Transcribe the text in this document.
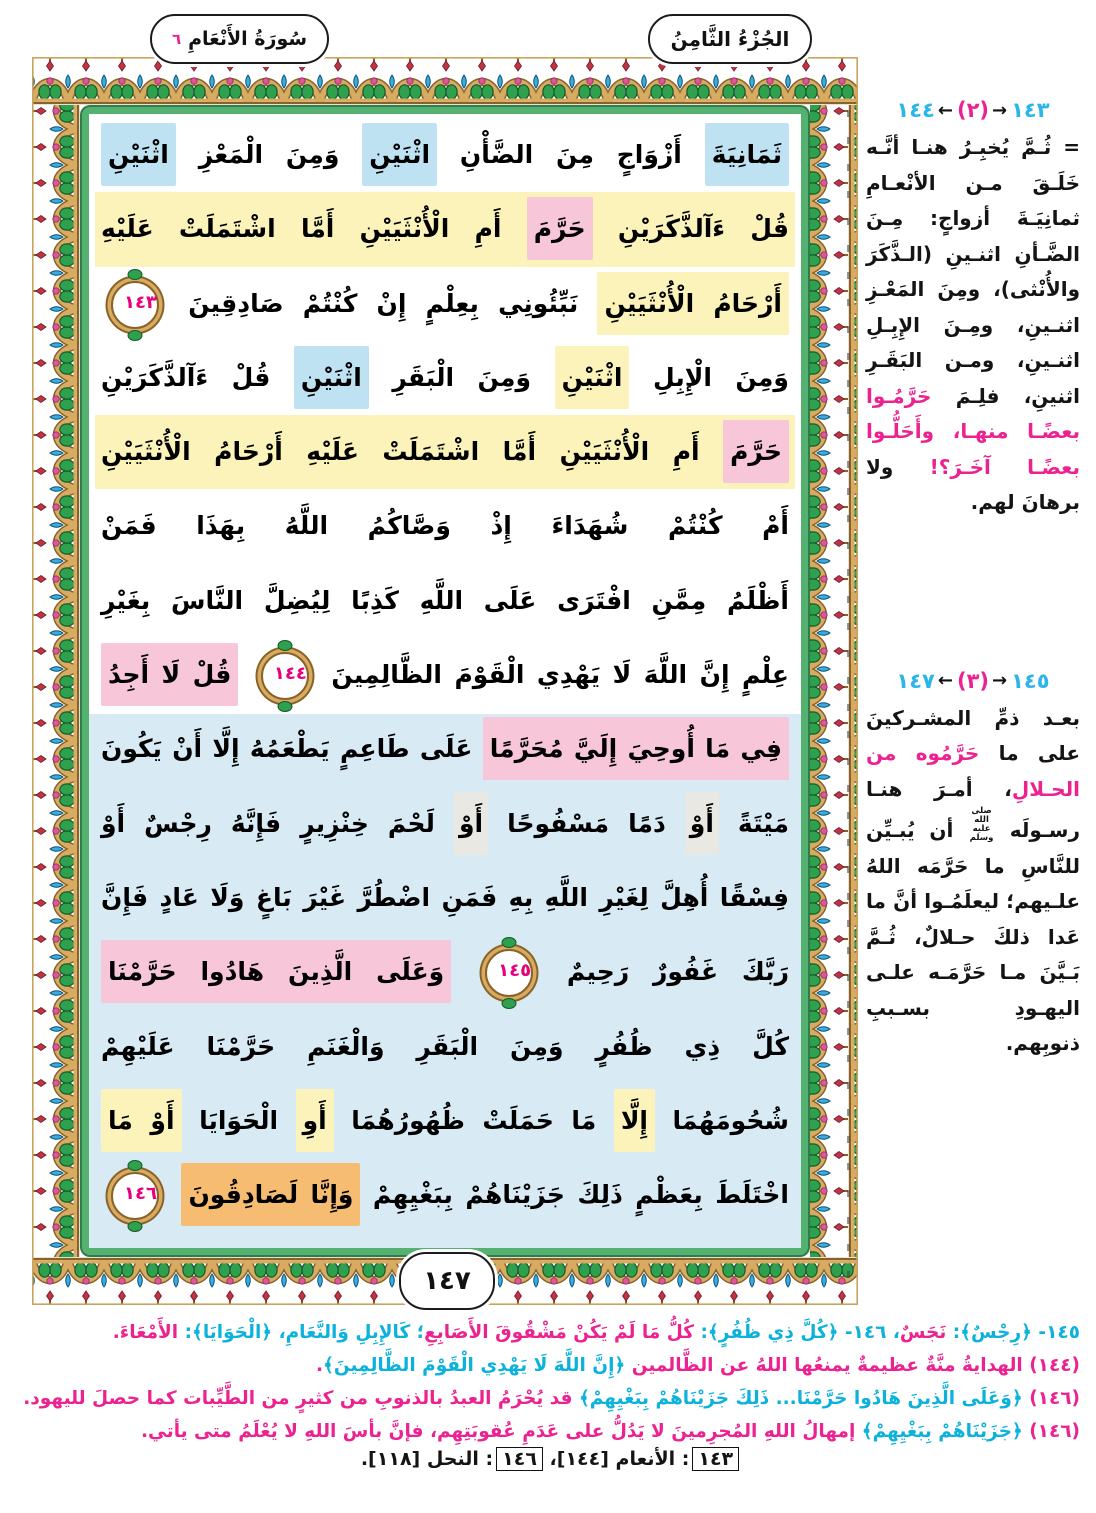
ثَمَانِيَةَ أَزْوَاجٍ مِنَ الضَّأْنِ اثْنَيْنِ وَمِنَ الْمَعْزِ اثْنَيْنِ
قُلْ ءَآلذَّكَرَيْنِ حَرَّمَ أَمِ الْأُنْثَيَيْنِ أَمَّا اشْتَمَلَتْ عَلَيْهِ
أَرْحَامُ الْأُنْثَيَيْنِ نَبِّئُونِي بِعِلْمٍ إِنْ كُنْتُمْ صَادِقِينَ
١٤٣
وَمِنَ الْإِبِلِ اثْنَيْنِ وَمِنَ الْبَقَرِ اثْنَيْنِ قُلْ ءَآلذَّكَرَيْنِ
حَرَّمَ أَمِ الْأُنْثَيَيْنِ أَمَّا اشْتَمَلَتْ عَلَيْهِ أَرْحَامُ الْأُنْثَيَيْنِ
أَمْ كُنْتُمْ شُهَدَاءَ إِذْ وَصَّاكُمُ اللَّهُ بِهَذَا فَمَنْ
أَظْلَمُ مِمَّنِ افْتَرَى عَلَى اللَّهِ كَذِبًا لِيُضِلَّ النَّاسَ بِغَيْرِ
عِلْمٍ إِنَّ اللَّهَ لَا يَهْدِي الْقَوْمَ الظَّالِمِينَ
١٤٤
قُلْ لَا أَجِدُ
فِي مَا أُوحِيَ إِلَيَّ مُحَرَّمًا عَلَى طَاعِمٍ يَطْعَمُهُ إِلَّا أَنْ يَكُونَ
مَيْتَةً أَوْ دَمًا مَسْفُوحًا أَوْ لَحْمَ خِنْزِيرٍ فَإِنَّهُ رِجْسٌ أَوْ
فِسْقًا أُهِلَّ لِغَيْرِ اللَّهِ بِهِ فَمَنِ اضْطُرَّ غَيْرَ بَاغٍ وَلَا عَادٍ فَإِنَّ
رَبَّكَ غَفُورٌ رَحِيمٌ
١٤٥
وَعَلَى الَّذِينَ هَادُوا حَرَّمْنَا
كُلَّ ذِي ظُفُرٍ وَمِنَ الْبَقَرِ وَالْغَنَمِ حَرَّمْنَا عَلَيْهِمْ
شُحُومَهُمَا إِلَّا مَا حَمَلَتْ ظُهُورُهُمَا أَوِ الْحَوَايَا أَوْ مَا
اخْتَلَطَ بِعَظْمٍ ذَلِكَ جَزَيْنَاهُمْ بِبَغْيِهِمْ وَإِنَّا لَصَادِقُونَ
١٤٦
الجُزْءُ الثَّامِنُ
سُورَةُ الأَنْعَامِ
٦
١٤٧
١٤٤ ← (٢) → ١٤٣
= ثُـمَّ يُخبِـرُ هنـا أنَّـه خَلَـقَ مـن الأنْعـامِ ثمانِيَـةَ أزواجٍ: مِـنَ الضَّـأنِ اثنـينِ (الـذَّكَرَ والأُنْثى)، ومِنَ المَعْـزِ اثنـينِ، ومِـنَ الإِبِـلِ اثنـينِ، ومـن البَقَـرِ اثنينِ، فلِـمَ حَرَّمُـوا بعضًـا منهـا، وأَحَلُّـوا بعضًـا آخَـرَ؟! ولا برهانَ لهم.
١٤٧ ← (٣) → ١٤٥
بعـد ذمِّ المشـركينَ على ما حَرَّمُوه من الحـلالِ، أمـرَ هنـا رسـولَه صلى الله عليه وسلم أن يُبـيِّن للنَّاسِ ما حَرَّمَه اللهُ علـيهم؛ ليعلَمُـوا أنَّ ما عَدا ذلكَ حـلالٌ، ثُـمَّ بَـيَّنَ مـا حَرَّمَـه علـى اليهـودِ بسـببِ ذنوبِهم.
١٤٥- ﴿رِجْسٌ﴾: نَجَسٌ، ١٤٦- ﴿كُلَّ ذِي ظُفُرٍ﴾: كُلُّ مَا لَمْ يَكُنْ مَشْقُوقَ الأَصَابِعِ؛ كَالإِبِلِ وَالنَّعَامِ، ﴿الْحَوَايَا﴾: الأَمْعَاءَ.
(١٤٤) الهدايةُ منَّةٌ عظيمةٌ يمنعُها اللهُ عن الظَّالمين ﴿إِنَّ اللَّهَ لَا يَهْدِي الْقَوْمَ الظَّالِمِينَ﴾.
(١٤٦) ﴿وَعَلَى الَّذِينَ هَادُوا حَرَّمْنَا... ذَلِكَ جَزَيْنَاهُمْ بِبَغْيِهِمْ﴾ قد يُحْرَمُ العبدُ بالذنوبِ من كثيرٍ من الطَّيِّبات كما حصلَ لليهود.
(١٤٦) ﴿جَزَيْنَاهُمْ بِبَغْيِهِمْ﴾ إمهالُ اللهِ المُجرِمينَ لا يَدُلُّ على عَدَمِ عُقوبَتِهِم، فإنَّ بأسَ اللهِ لا يُعْلَمُ متى يأتي.
١٤٣: الأنعام [١٤٤]، ١٤٦: النحل [١١٨].
